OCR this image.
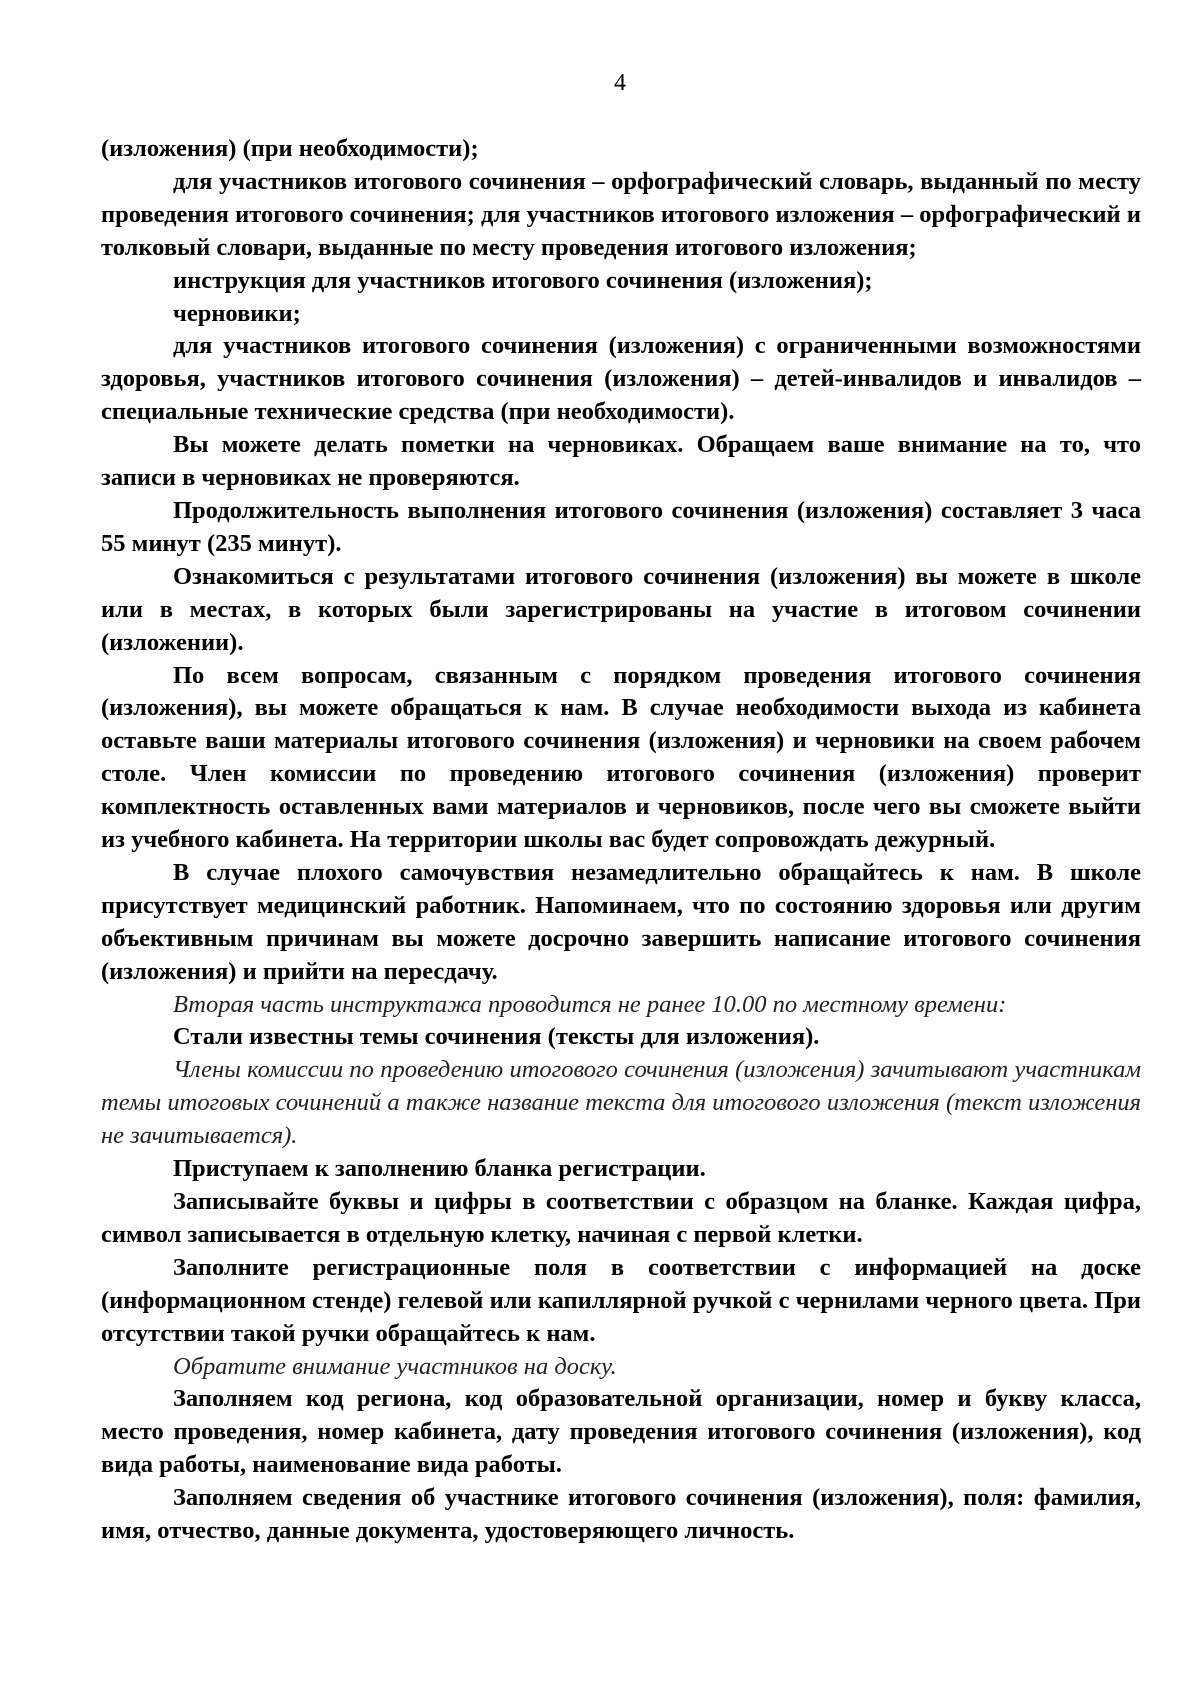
4

(изложения) (при необходимости);

для участников итогового сочинения – орфографический словарь, выданный по месту проведения итогового сочинения; для участников итогового изложения – орфографический и толковый словари, выданные по месту проведения итогового изложения;

инструкция для участников итогового сочинения (изложения);

черновики;

для участников итогового сочинения (изложения) с ограниченными возможностями здоровья, участников итогового сочинения (изложения) – детей-инвалидов и инвалидов – специальные технические средства (при необходимости).

Вы можете делать пометки на черновиках. Обращаем ваше внимание на то, что записи в черновиках не проверяются.

Продолжительность выполнения итогового сочинения (изложения) составляет 3 часа 55 минут (235 минут).

Ознакомиться с результатами итогового сочинения (изложения) вы можете в школе или в местах, в которых были зарегистрированы на участие в итоговом сочинении (изложении).

По всем вопросам, связанным с порядком проведения итогового сочинения (изложения), вы можете обращаться к нам. В случае необходимости выхода из кабинета оставьте ваши материалы итогового сочинения (изложения) и черновики на своем рабочем столе. Член комиссии по проведению итогового сочинения (изложения) проверит комплектность оставленных вами материалов и черновиков, после чего вы сможете выйти из учебного кабинета. На территории школы вас будет сопровождать дежурный.

В случае плохого самочувствия незамедлительно обращайтесь к нам. В школе присутствует медицинский работник. Напоминаем, что по состоянию здоровья или другим объективным причинам вы можете досрочно завершить написание итогового сочинения (изложения) и прийти на пересдачу.

Вторая часть инструктажа проводится не ранее 10.00 по местному времени:

Стали известны темы сочинения (тексты для изложения).

Члены комиссии по проведению итогового сочинения (изложения) зачитывают участникам темы итоговых сочинений а также название текста для итогового изложения (текст изложения не зачитывается).

Приступаем к заполнению бланка регистрации.

Записывайте буквы и цифры в соответствии с образцом на бланке. Каждая цифра, символ записывается в отдельную клетку, начиная с первой клетки.

Заполните регистрационные поля в соответствии с информацией на доске (информационном стенде) гелевой или капиллярной ручкой с чернилами черного цвета. При отсутствии такой ручки обращайтесь к нам.

Обратите внимание участников на доску.

Заполняем код региона, код образовательной организации, номер и букву класса, место проведения, номер кабинета, дату проведения итогового сочинения (изложения), код вида работы, наименование вида работы.

Заполняем сведения об участнике итогового сочинения (изложения), поля: фамилия, имя, отчество, данные документа, удостоверяющего личность.
